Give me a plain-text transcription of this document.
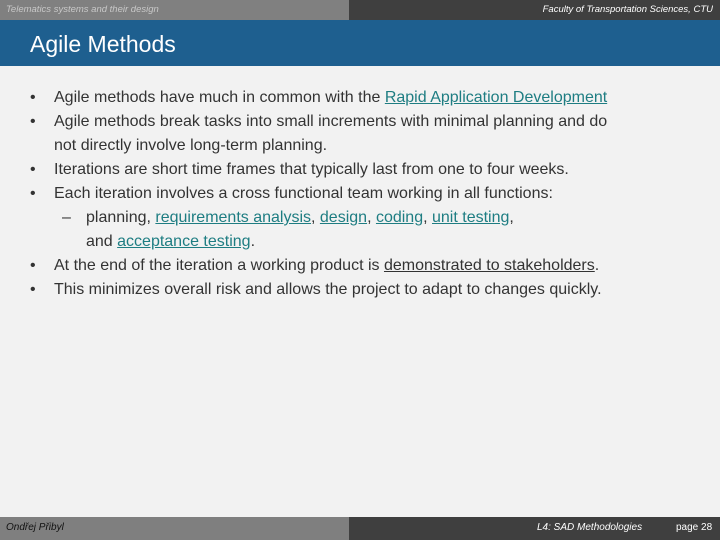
Telematics systems and their design	Faculty of Transportation Sciences, CTU
Agile Methods
• Agile methods have much in common with the Rapid Application Development
• Agile methods break tasks into small increments with minimal planning and do
not directly involve long-term planning.
• Iterations are short time frames that typically last from one to four weeks.
• Each iteration involves a cross functional team working in all functions:
– planning, requirements analysis, design, coding, unit testing,
and acceptance testing.
• At the end of the iteration a working product is demonstrated to stakeholders.
• This minimizes overall risk and allows the project to adapt to changes quickly.
Ondřej Přibyl	L4: SAD Methodologies	page 28
